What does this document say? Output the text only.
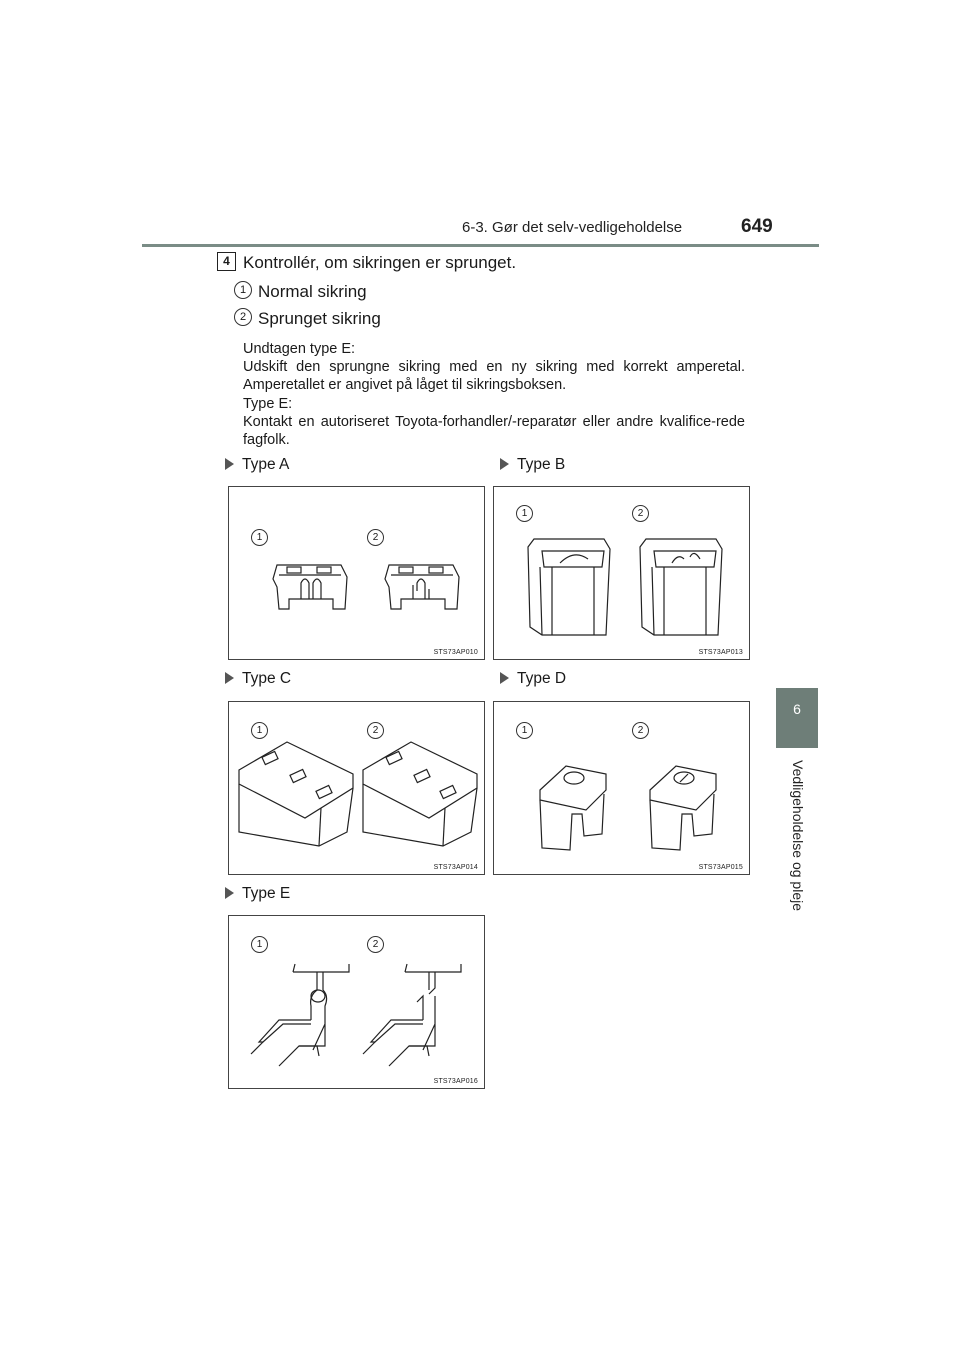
6-3. Gør det selv-vedligeholdelse	649
6
Vedligeholdelse og pleje
4 Kontrollér, om sikringen er sprunget.
1 Normal sikring
2 Sprunget sikring

Undtagen type E:

Udskift den sprungne sikring med en ny sikring med korrekt amperetal. Amperetallet er angivet på låget til sikringsboksen.

Type E:

Kontakt en autoriseret Toyota-forhandler/-reparatør eller andre kvalifice-rede fagfolk.

Type A
1	2
STS73AP010
Type B
1	2
STS73AP013
Type C
1	2
STS73AP014
Type D
1	2
STS73AP015
Type E
1	2
STS73AP016
